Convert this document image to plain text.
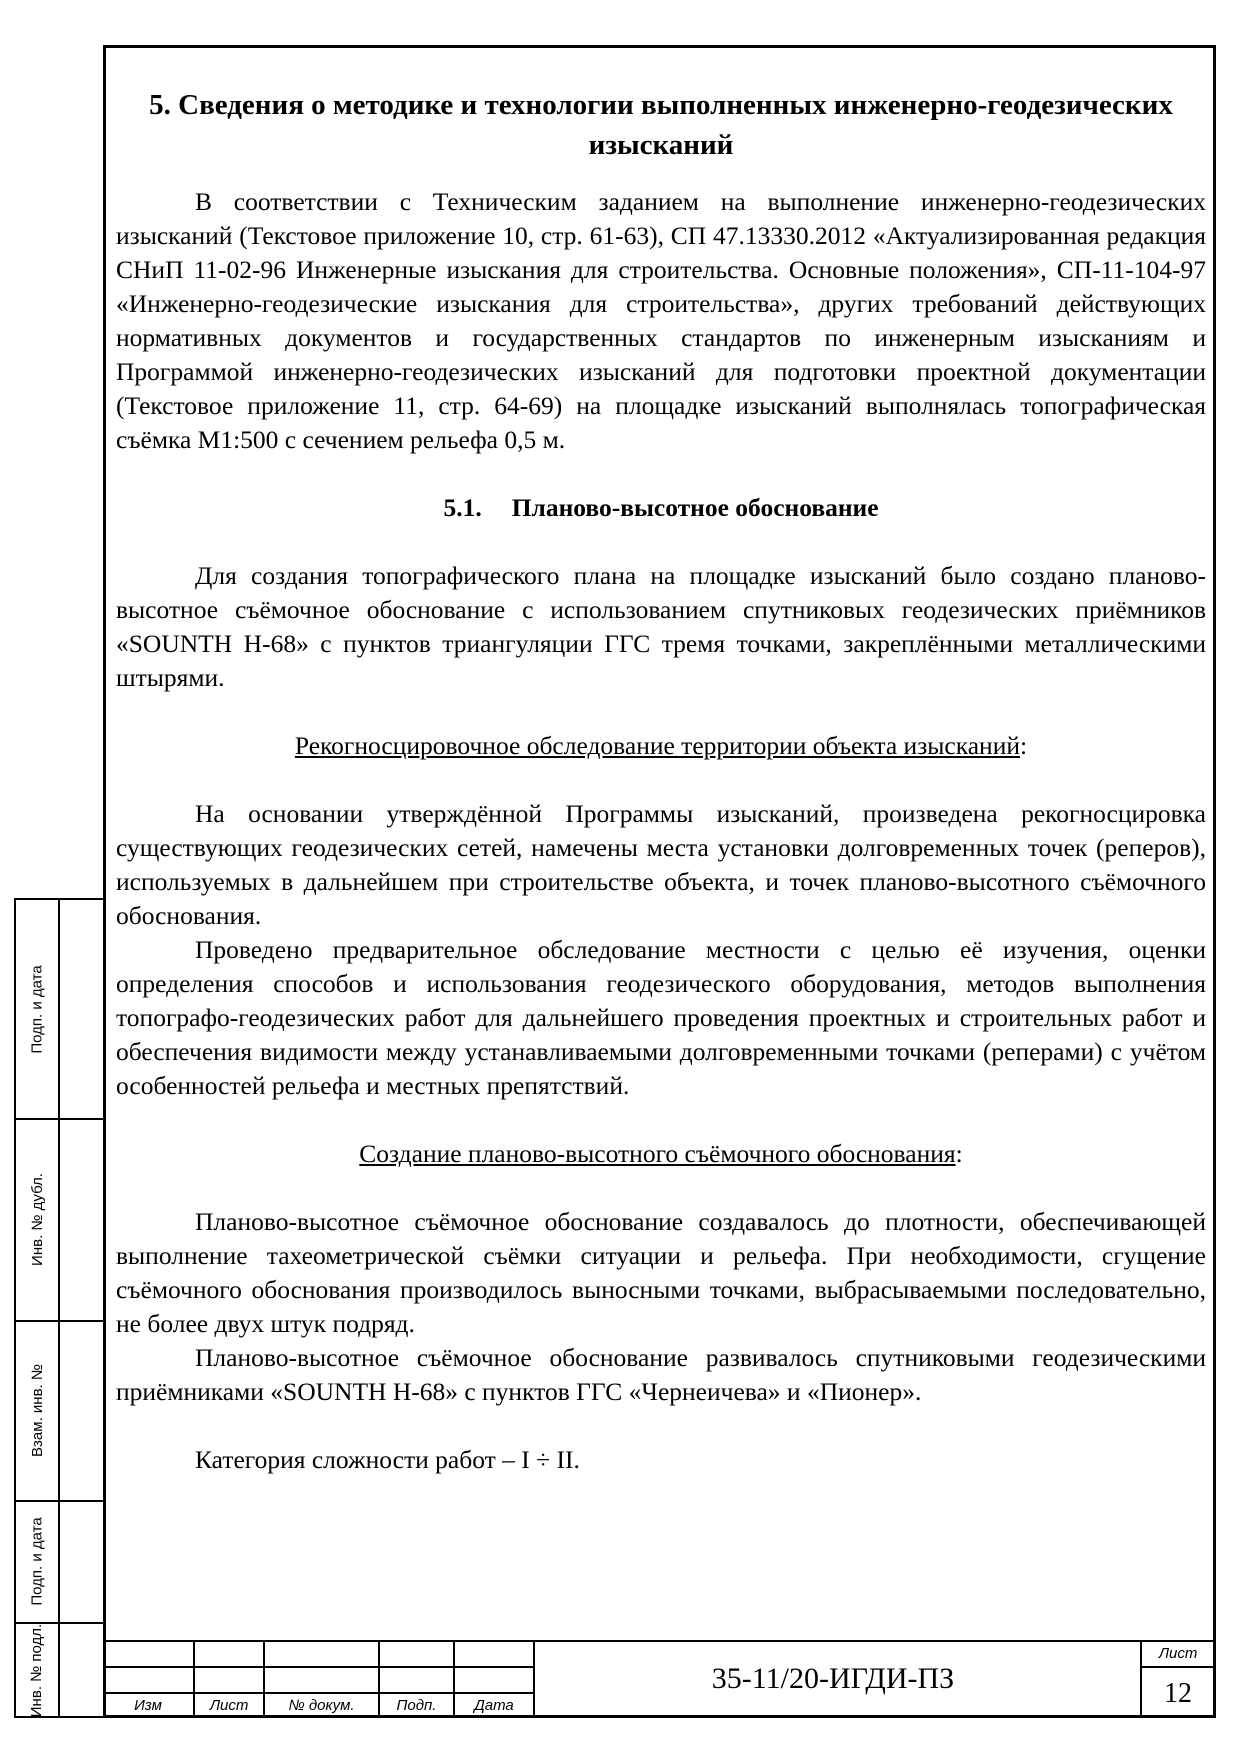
5. Сведения о методике и технологии выполненных инженерно-геодезических изысканий

В соответствии с Техническим заданием на выполнение инженерно-геодезических изысканий (Текстовое приложение 10, стр. 61-63), СП 47.13330.2012 «Актуализированная редакция СНиП 11-02-96 Инженерные изыскания для строительства. Основные положения», СП-11-104-97 «Инженерно-геодезические изыскания для строительства», других требований действующих нормативных документов и государственных стандартов по инженерным изысканиям и Программой инженерно-геодезических изысканий для подготовки проектной документации (Текстовое приложение 11, стр. 64-69) на площадке изысканий выполнялась топографическая съёмка М1:500 с сечением рельефа 0,5 м.

5.1. Планово-высотное обоснование

Для создания топографического плана на площадке изысканий было создано планово-высотное съёмочное обоснование с использованием спутниковых геодезических приёмников «SOUNTH H-68» с пунктов триангуляции ГГС тремя точками, закреплёнными металлическими штырями.

Рекогносцировочное обследование территории объекта изысканий:

На основании утверждённой Программы изысканий, произведена рекогносцировка существующих геодезических сетей, намечены места установки долговременных точек (реперов), используемых в дальнейшем при строительстве объекта, и точек планово-высотного съёмочного обоснования.

Проведено предварительное обследование местности с целью её изучения, оценки определения способов и использования геодезического оборудования, методов выполнения топографо-геодезических работ для дальнейшего проведения проектных и строительных работ и обеспечения видимости между устанавливаемыми долговременными точками (реперами) с учётом особенностей рельефа и местных препятствий.

Создание планово-высотного съёмочного обоснования:

Планово-высотное съёмочное обоснование создавалось до плотности, обеспечивающей выполнение тахеометрической съёмки ситуации и рельефа. При необходимости, сгущение съёмочного обоснования производилось выносными точками, выбрасываемыми последовательно, не более двух штук подряд.

Планово-высотное съёмочное обоснование развивалось спутниковыми геодезическими приёмниками «SOUNTH H-68» с пунктов ГГС «Чернеичева» и «Пионер».

Категория сложности работ – I ÷ II.

Подп. и дата
Инв. № дубл.
Взам. инв. №
Подп. и дата
Инв. № подл.	Изм	Лист	№ докум.	Подп.	Дата
35-11/20-ИГДИ-ПЗ
Лист
12
